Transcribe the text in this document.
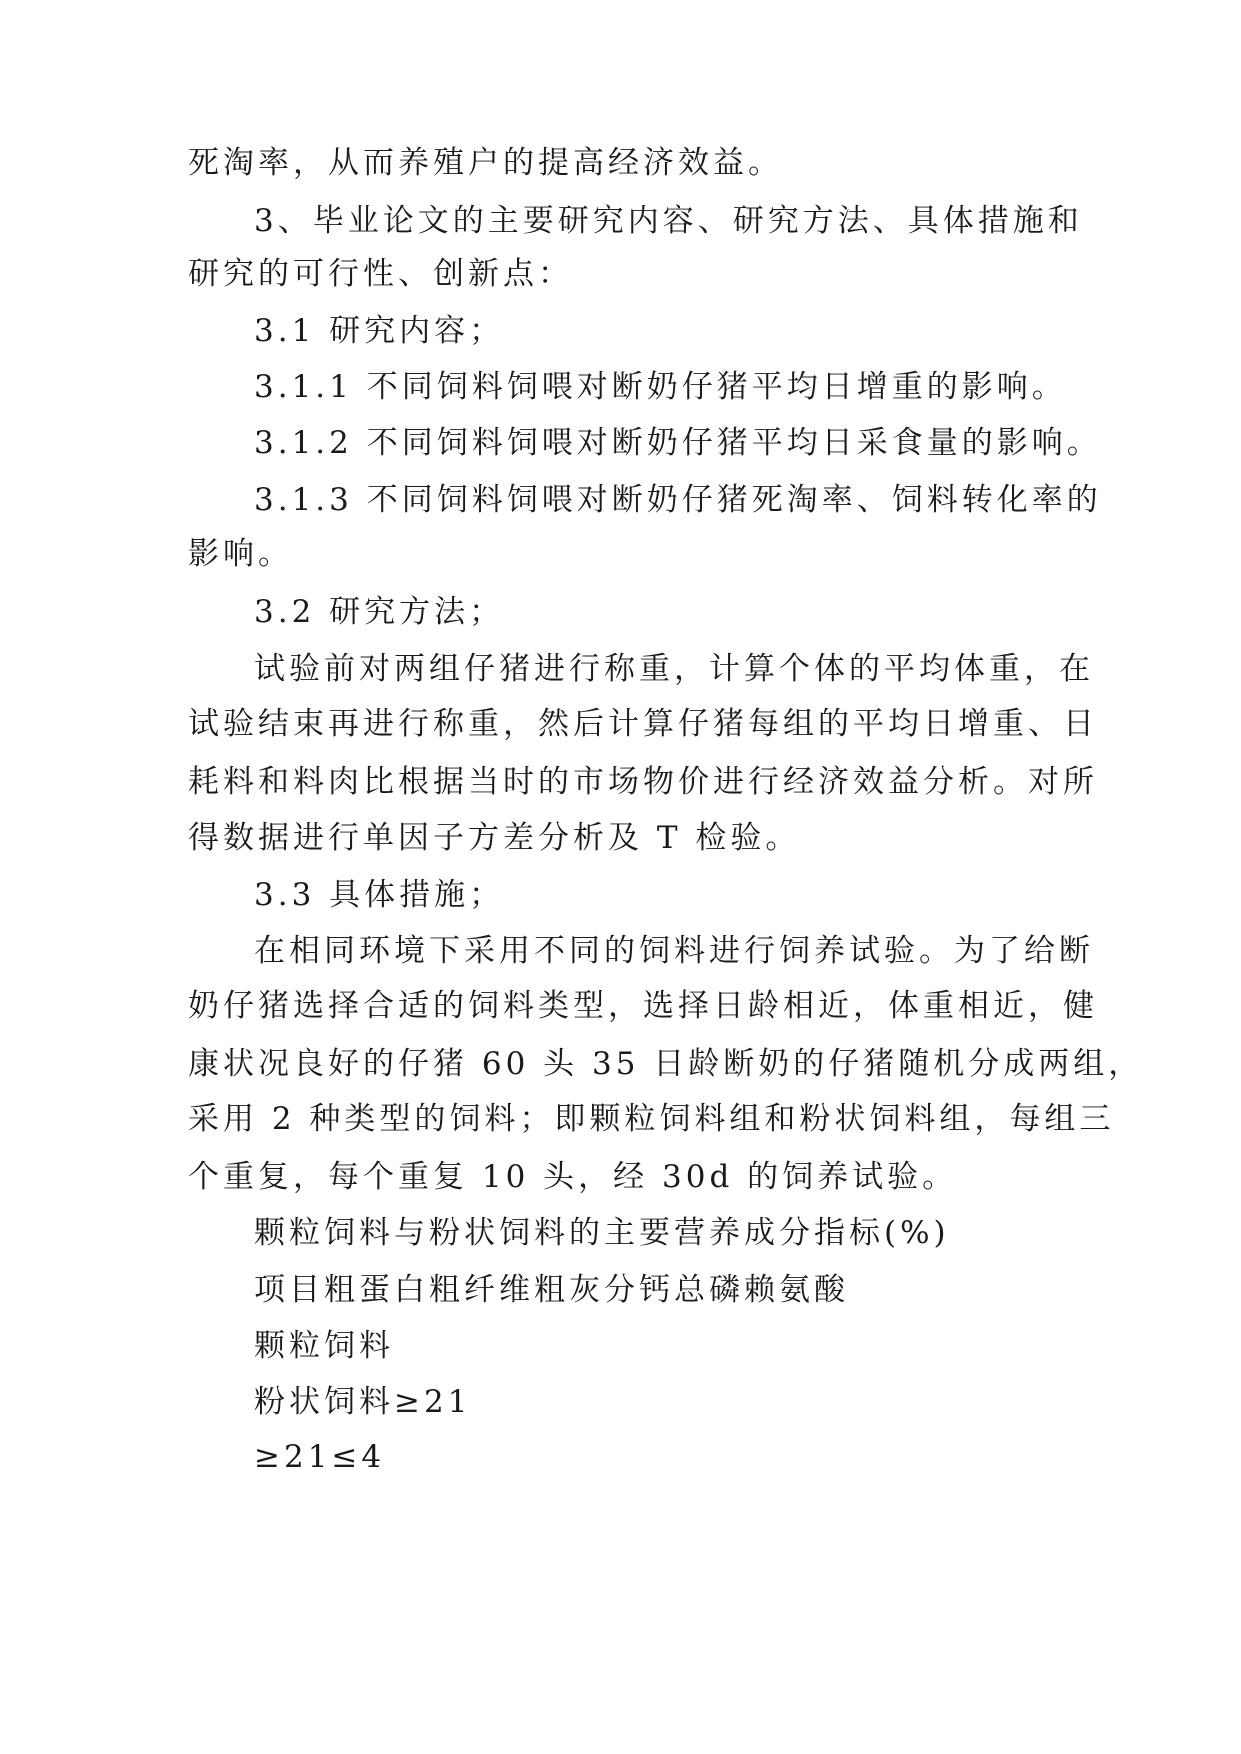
死淘率，从而养殖户的提高经济效益。
3、毕业论文的主要研究内容、研究方法、具体措施和
研究的可行性、创新点：
3.1 研究内容；
3.1.1 不同饲料饲喂对断奶仔猪平均日增重的影响。
3.1.2 不同饲料饲喂对断奶仔猪平均日采食量的影响。
3.1.3 不同饲料饲喂对断奶仔猪死淘率、饲料转化率的
影响。
3.2 研究方法；
试验前对两组仔猪进行称重，计算个体的平均体重，在
试验结束再进行称重，然后计算仔猪每组的平均日增重、日
耗料和料肉比根据当时的市场物价进行经济效益分析。对所
得数据进行单因子方差分析及 T 检验。
3.3 具体措施；
在相同环境下采用不同的饲料进行饲养试验。为了给断
奶仔猪选择合适的饲料类型，选择日龄相近，体重相近，健
康状况良好的仔猪 60 头 35 日龄断奶的仔猪随机分成两组，
采用 2 种类型的饲料；即颗粒饲料组和粉状饲料组，每组三
个重复，每个重复 10 头，经 30d 的饲养试验。
颗粒饲料与粉状饲料的主要营养成分指标(%)
项目粗蛋白粗纤维粗灰分钙总磷赖氨酸
颗粒饲料
粉状饲料≥21
≥21≤4
